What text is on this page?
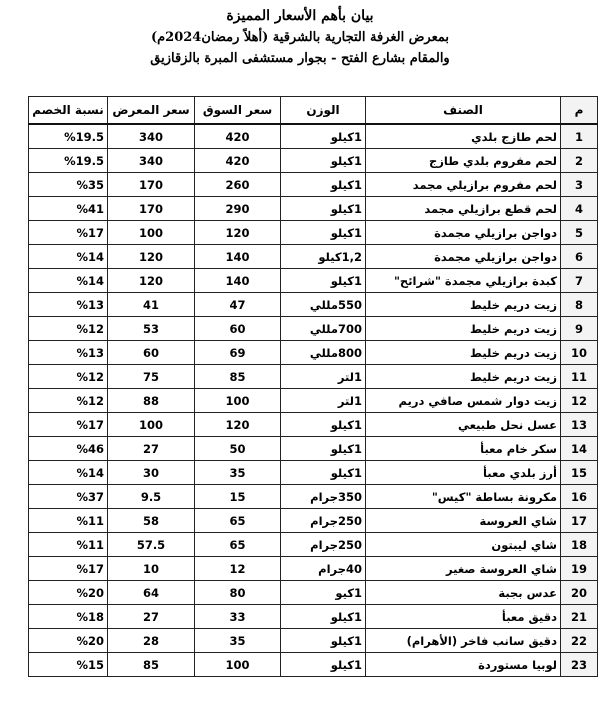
بيان بأهم الأسعار المميزة
بمعرض الغرفة التجارية بالشرقية (أهلاً رمضان2024م)
والمقام بشارع الفتح - بجوار مستشفى المبرة بالزقازيق
م	الصنف	الوزن	سعر السوق	سعر المعرض	نسبة الخصم
1	لحم طازج بلدي	1كيلو	420	340	%19.5
2	لحم مفروم بلدي طازج	1كيلو	420	340	%19.5
3	لحم مفروم برازيلي مجمد	1كيلو	260	170	%35
4	لحم قطع برازيلي مجمد	1كيلو	290	170	%41
5	دواجن برازيلي مجمدة	1كيلو	120	100	%17
6	دواجن برازيلي مجمدة	1,2كيلو	140	120	%14
7	كبدة برازيلي مجمدة "شرائح"	1كيلو	140	120	%14
8	زيت دريم خليط	550مللي	47	41	%13
9	زيت دريم خليط	700مللي	60	53	%12
10	زيت دريم خليط	800مللي	69	60	%13
11	زيت دريم خليط	1لتر	85	75	%12
12	زيت دوار شمس صافي دريم	1لتر	100	88	%12
13	عسل نحل طبيعي	1كيلو	120	100	%17
14	سكر خام معبأ	1كيلو	50	27	%46
15	أرز بلدي معبأ	1كيلو	35	30	%14
16	مكرونة بساطة "كيس"	350جرام	15	9.5	%37
17	شاي العروسة	250جرام	65	58	%11
18	شاي ليبتون	250جرام	65	57.5	%11
19	شاي العروسة صغير	40جرام	12	10	%17
20	عدس بجبة	1كيو	80	64	%20
21	دقيق معبأ	1كيلو	33	27	%18
22	دقيق سانب فاخر (الأهرام)	1كيلو	35	28	%20
23	لوبيا مستوردة	1كيلو	100	85	%15
